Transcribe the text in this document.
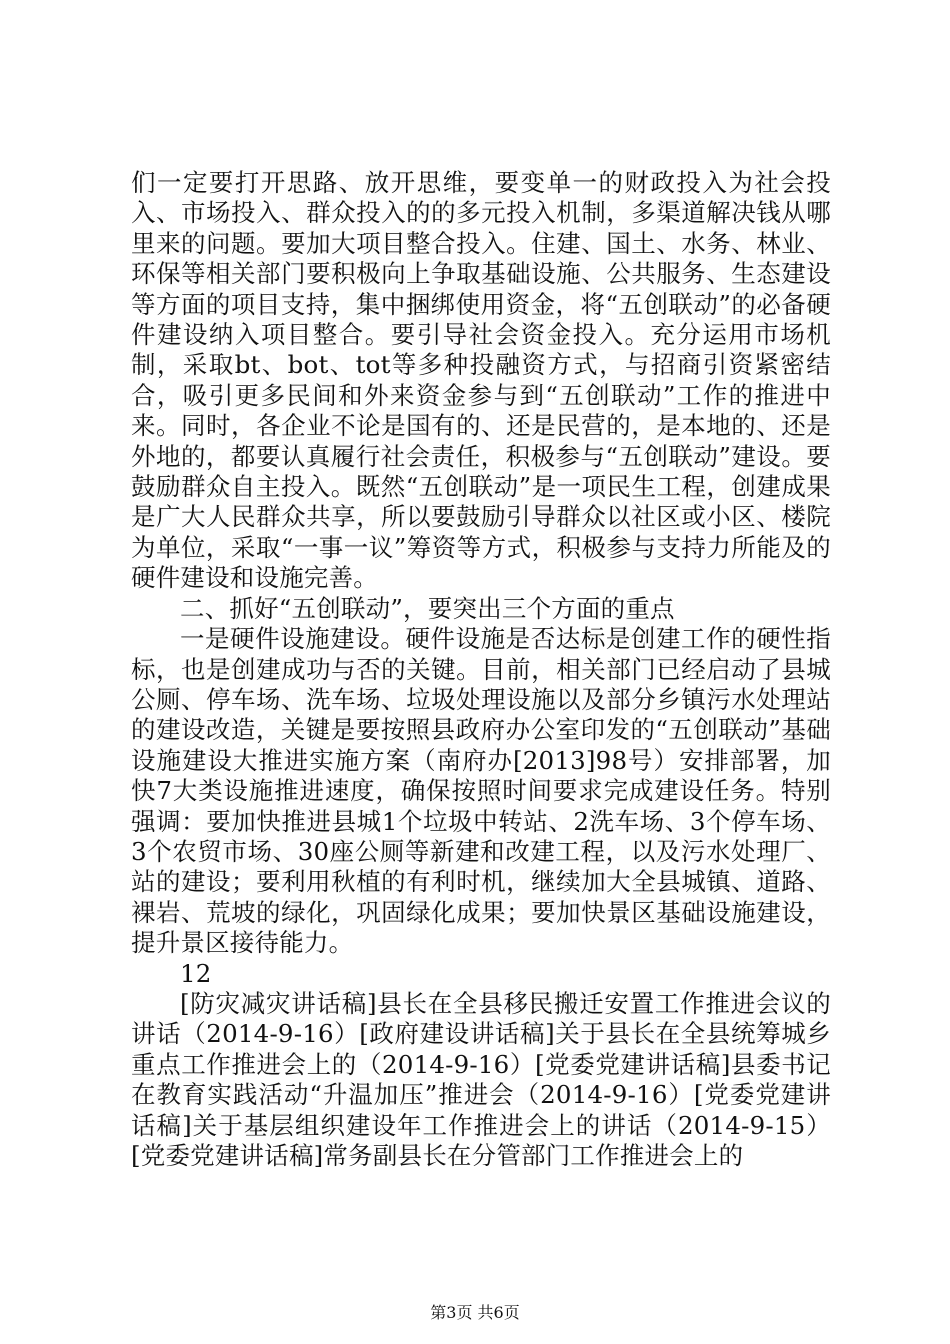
们一定要打开思路、放开思维，要变单一的财政投入为社会投入、市场投入、群众投入的的多元投入机制，多渠道解决钱从哪里来的问题。要加大项目整合投入。住建、国土、水务、林业、环保等相关部门要积极向上争取基础设施、公共服务、生态建设等方面的项目支持，集中捆绑使用资金，将“五创联动”的必备硬件建设纳入项目整合。要引导社会资金投入。充分运用市场机制，采取bt、bot、tot等多种投融资方式，与招商引资紧密结合，吸引更多民间和外来资金参与到“五创联动”工作的推进中来。同时，各企业不论是国有的、还是民营的，是本地的、还是外地的，都要认真履行社会责任，积极参与“五创联动”建设。要鼓励群众自主投入。既然“五创联动”是一项民生工程，创建成果是广大人民群众共享，所以要鼓励引导群众以社区或小区、楼院为单位，采取“一事一议”筹资等方式，积极参与支持力所能及的硬件建设和设施完善。

二、抓好“五创联动”，要突出三个方面的重点

一是硬件设施建设。硬件设施是否达标是创建工作的硬性指标，也是创建成功与否的关键。目前，相关部门已经启动了县城公厕、停车场、洗车场、垃圾处理设施以及部分乡镇污水处理站的建设改造，关键是要按照县政府办公室印发的“五创联动”基础设施建设大推进实施方案（南府办[2013]98号）安排部署，加快7大类设施推进速度，确保按照时间要求完成建设任务。特别强调：要加快推进县城1个垃圾中转站、2洗车场、3个停车场、3个农贸市场、30座公厕等新建和改建工程，以及污水处理厂、站的建设；要利用秋植的有利时机，继续加大全县城镇、道路、裸岩、荒坡的绿化，巩固绿化成果；要加快景区基础设施建设，提升景区接待能力。

12

[防灾减灾讲话稿]县长在全县移民搬迁安置工作推进会议的讲话（2014-9-16）[政府建设讲话稿]关于县长在全县统筹城乡重点工作推进会上的（2014-9-16）[党委党建讲话稿]县委书记在教育实践活动“升温加压”推进会（2014-9-16）[党委党建讲话稿]关于基层组织建设年工作推进会上的讲话（2014-9-15）[党委党建讲话稿]常务副县长在分管部门工作推进会上的

第3页 共6页
